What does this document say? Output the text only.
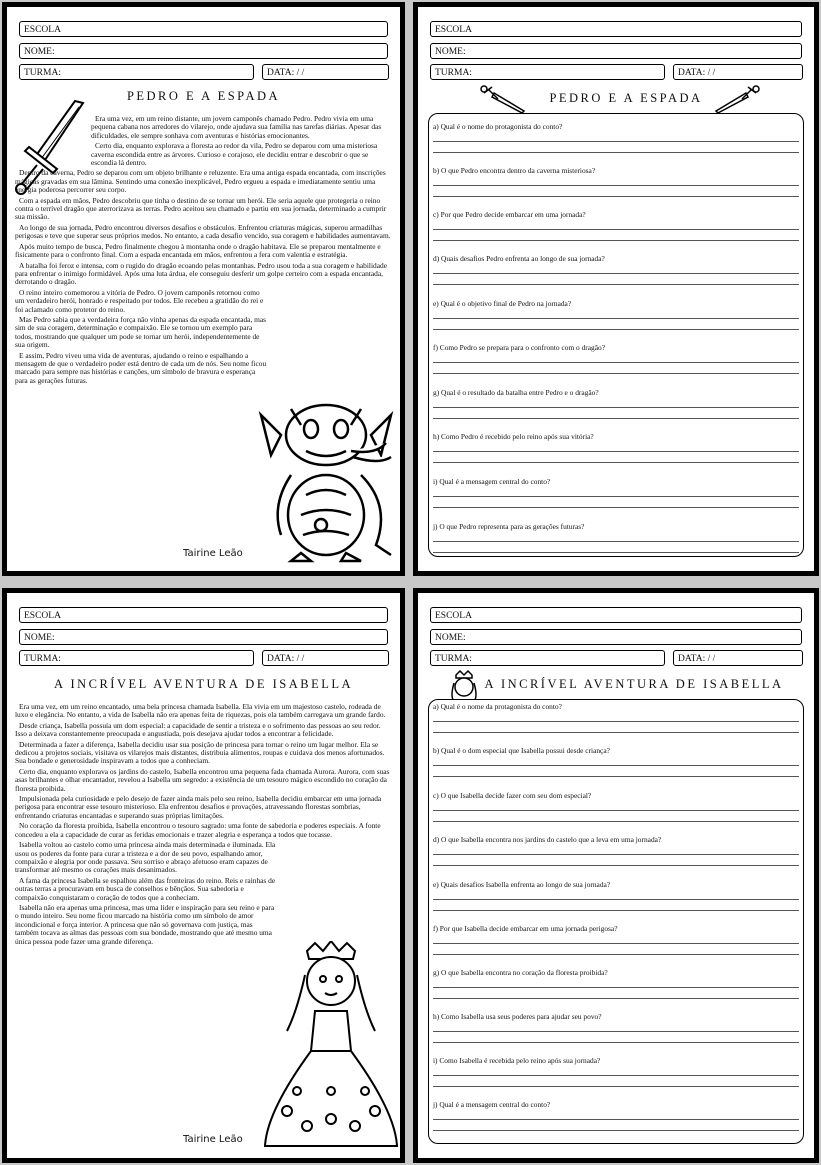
ESCOLA
NOME:
TURMA:	DATA: / /
PEDRO E A ESPADA

Era uma vez, em um reino distante, um jovem camponês chamado Pedro. Pedro vivia em uma pequena cabana nos arredores do vilarejo, onde ajudava sua família nas tarefas diárias. Apesar das dificuldades, ele sempre sonhava com aventuras e histórias emocionantes.

Certo dia, enquanto explorava a floresta ao redor da vila, Pedro se deparou com uma misteriosa caverna escondida entre as árvores. Curioso e corajoso, ele decidiu entrar e descobrir o que se escondia lá dentro.

Dentro da caverna, Pedro se deparou com um objeto brilhante e reluzente. Era uma antiga espada encantada, com inscrições mágicas gravadas em sua lâmina. Sentindo uma conexão inexplicável, Pedro ergueu a espada e imediatamente sentiu uma energia poderosa percorrer seu corpo.

Com a espada em mãos, Pedro descobriu que tinha o destino de se tornar um herói. Ele seria aquele que protegeria o reino contra o terrível dragão que aterrorizava as terras. Pedro aceitou seu chamado e partiu em sua jornada, determinado a cumprir sua missão.

Ao longo de sua jornada, Pedro encontrou diversos desafios e obstáculos. Enfrentou criaturas mágicas, superou armadilhas perigosas e teve que superar seus próprios medos. No entanto, a cada desafio vencido, sua coragem e habilidades aumentavam.

Após muito tempo de busca, Pedro finalmente chegou à montanha onde o dragão habitava. Ele se preparou mentalmente e fisicamente para o confronto final. Com a espada encantada em mãos, enfrentou a fera com valentia e estratégia.

A batalha foi feroz e intensa, com o rugido do dragão ecoando pelas montanhas. Pedro usou toda a sua coragem e habilidade para enfrentar o inimigo formidável. Após uma luta árdua, ele conseguiu desferir um golpe certeiro com a espada encantada, derrotando o dragão.

O reino inteiro comemorou a vitória de Pedro. O jovem camponês retornou como um verdadeiro herói, honrado e respeitado por todos. Ele recebeu a gratidão do rei e foi aclamado como protetor do reino.

Mas Pedro sabia que a verdadeira força não vinha apenas da espada encantada, mas sim de sua coragem, determinação e compaixão. Ele se tornou um exemplo para todos, mostrando que qualquer um pode se tornar um herói, independentemente de sua origem.

E assim, Pedro viveu uma vida de aventuras, ajudando o reino e espalhando a mensagem de que o verdadeiro poder está dentro de cada um de nós. Seu nome ficou marcado para sempre nas histórias e canções, um símbolo de bravura e esperança para as gerações futuras.

Tairine Leão
ESCOLA
NOME:
TURMA:	DATA: / /
PEDRO E A ESPADA
a) Qual é o nome do protagonista do conto?
b) O que Pedro encontra dentro da caverna misteriosa?
c) Por que Pedro decide embarcar em uma jornada?
d) Quais desafios Pedro enfrenta ao longo de sua jornada?
e) Qual é o objetivo final de Pedro na jornada?
f) Como Pedro se prepara para o confronto com o dragão?
g) Qual é o resultado da batalha entre Pedro e o dragão?
h) Como Pedro é recebido pelo reino após sua vitória?
i) Qual é a mensagem central do conto?
j) O que Pedro representa para as gerações futuras?
ESCOLA
NOME:
TURMA:	DATA: / /
A INCRÍVEL AVENTURA DE ISABELLA

Era uma vez, em um reino encantado, uma bela princesa chamada Isabella. Ela vivia em um majestoso castelo, rodeada de luxo e elegância. No entanto, a vida de Isabella não era apenas feita de riquezas, pois ela também carregava um grande fardo.

Desde criança, Isabella possuía um dom especial: a capacidade de sentir a tristeza e o sofrimento das pessoas ao seu redor. Isso a deixava constantemente preocupada e angustiada, pois desejava ajudar todos a encontrar a felicidade.

Determinada a fazer a diferença, Isabella decidiu usar sua posição de princesa para tornar o reino um lugar melhor. Ela se dedicou a projetos sociais, visitava os vilarejos mais distantes, distribuía alimentos, roupas e cuidava dos menos afortunados. Sua bondade e generosidade inspiravam a todos que a conheciam.

Certo dia, enquanto explorava os jardins do castelo, Isabella encontrou uma pequena fada chamada Aurora. Aurora, com suas asas brilhantes e olhar encantador, revelou a Isabella um segredo: a existência de um tesouro mágico escondido no coração da floresta proibida.

Impulsionada pela curiosidade e pelo desejo de fazer ainda mais pelo seu reino, Isabella decidiu embarcar em uma jornada perigosa para encontrar esse tesouro misterioso. Ela enfrentou desafios e provações, atravessando florestas sombrias, enfrentando criaturas encantadas e superando suas próprias limitações.

No coração da floresta proibida, Isabella encontrou o tesouro sagrado: uma fonte de sabedoria e poderes especiais. A fonte concedeu a ela a capacidade de curar as feridas emocionais e trazer alegria e esperança a todos que tocasse.

Isabella voltou ao castelo como uma princesa ainda mais determinada e iluminada. Ela usou os poderes da fonte para curar a tristeza e a dor de seu povo, espalhando amor, compaixão e alegria por onde passava. Seu sorriso e abraço afetuoso eram capazes de transformar até mesmo os corações mais desanimados.

A fama da princesa Isabella se espalhou além das fronteiras do reino. Reis e rainhas de outras terras a procuravam em busca de conselhos e bênçãos. Sua sabedoria e compaixão conquistaram o coração de todos que a conheciam.

Isabella não era apenas uma princesa, mas uma líder e inspiração para seu reino e para o mundo inteiro. Seu nome ficou marcado na história como um símbolo de amor incondicional e força interior. A princesa que não só governava com justiça, mas também tocava as almas das pessoas com sua bondade, mostrando que até mesmo uma única pessoa pode fazer uma grande diferença.

Tairine Leão
ESCOLA
NOME:
TURMA:	DATA: / /
A INCRÍVEL AVENTURA DE ISABELLA
a) Qual é o nome da protagonista do conto?
b) Qual é o dom especial que Isabella possui desde criança?
c) O que Isabella decide fazer com seu dom especial?
d) O que Isabella encontra nos jardins do castelo que a leva em uma jornada?
e) Quais desafios Isabella enfrenta ao longo de sua jornada?
f) Por que Isabella decide embarcar em uma jornada perigosa?
g) O que Isabella encontra no coração da floresta proibida?
h) Como Isabella usa seus poderes para ajudar seu povo?
i) Como Isabella é recebida pelo reino após sua jornada?
j) Qual é a mensagem central do conto?
